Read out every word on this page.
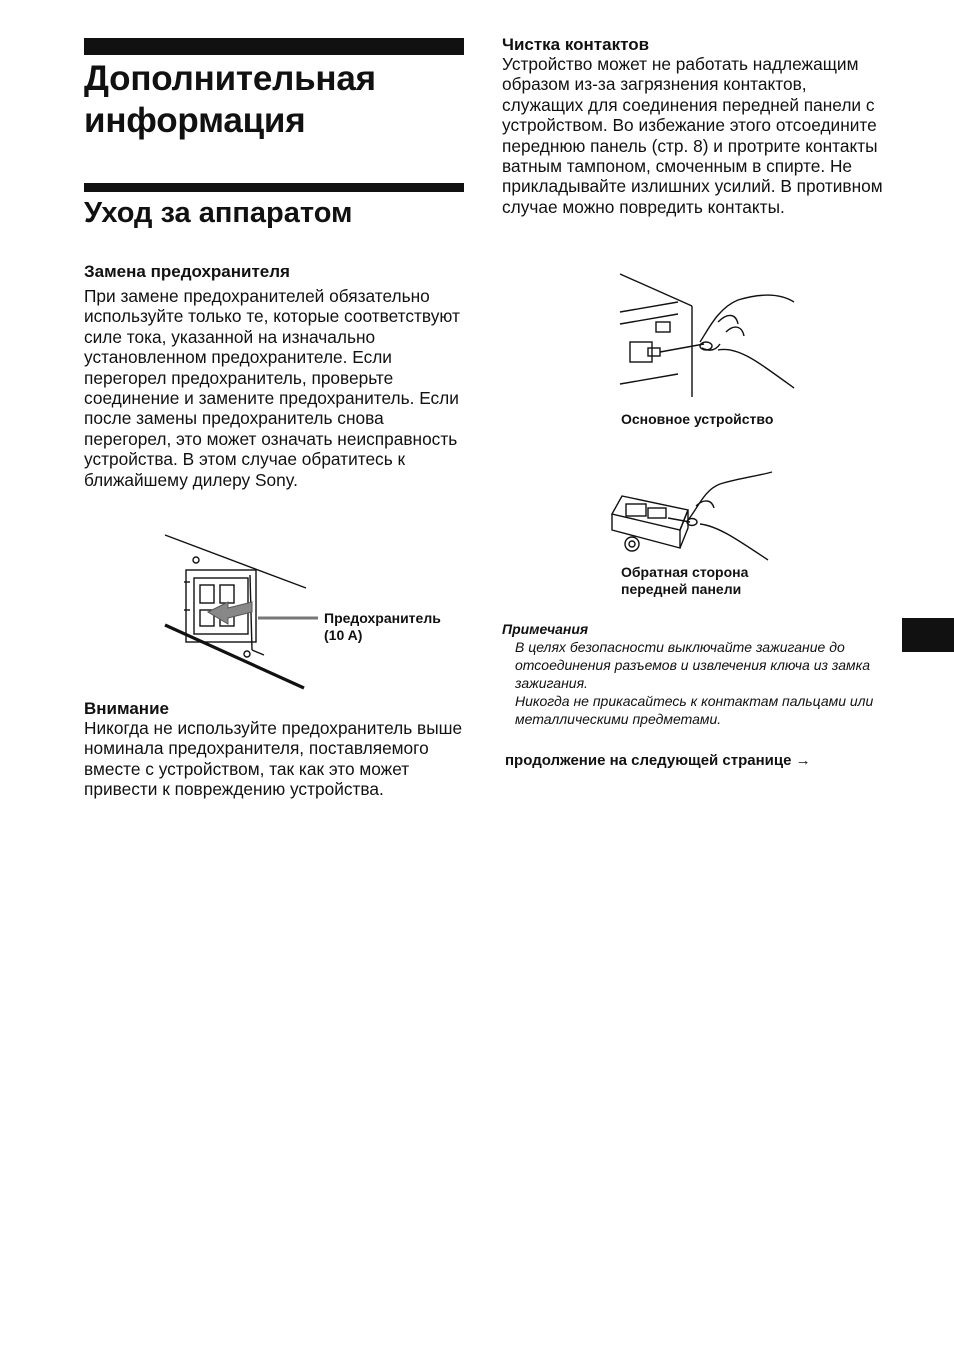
Дополнительная информация
Уход за аппаратом
Замена предохранителя

При замене предохранителей обязательно используйте только те, которые соответствуют силе тока, указанной на изначально установленном предохранителе. Если перегорел предохранитель, проверьте соединение и замените предохранитель. Если после замены предохранитель снова перегорел, это может означать неисправность устройства. В этом случае обратитесь к ближайшему дилеру Sony.

Предохранитель
(10 A)
Внимание

Никогда не используйте предохранитель выше номинала предохранителя, поставляемого вместе с устройством, так как это может привести к повреждению устройства.

Чистка контактов

Устройство может не работать надлежащим образом из-за загрязнения контактов, служащих для соединения передней панели с устройством. Во избежание этого отсоедините переднюю панель (стр. 8) и протрите контакты ватным тампоном, смоченным в спирте. Не прикладывайте излишних усилий. В противном случае можно повредить контакты.

Основное устройство
Обратная сторона
передней панели
Примечания
В целях безопасности выключайте зажигание до отсоединения разъемов и извлечения ключа из замка зажигания.
Никогда не прикасайтесь к контактам пальцами или металлическими предметами.
продолжение на следующей странице →
